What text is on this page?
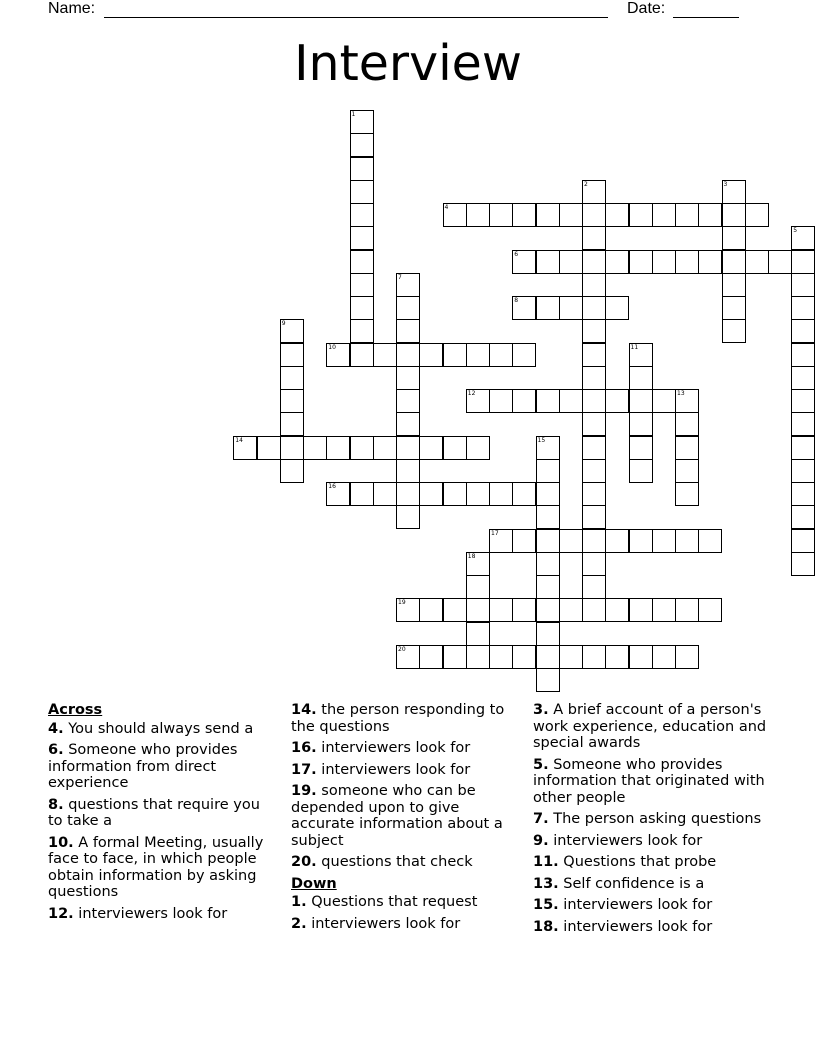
Name:	Date:
Interview
1
2	3
4
5
6
7
8
9
10	11
12	13
14	15
16
17
18
19
20
Across
4. You should always send a
6. Someone who provides information from direct experience
8. questions that require you to take a
10. A formal Meeting, usually face to face, in which people obtain information by asking questions
12. interviewers look for
14. the person responding to the questions
16. interviewers look for
17. interviewers look for
19. someone who can be depended upon to give accurate information about a subject
20. questions that check
Down
1. Questions that request
2. interviewers look for
3. A brief account of a person's work experience, education and special awards
5. Someone who provides information that originated with other people
7. The person asking questions
9. interviewers look for
11. Questions that probe
13. Self confidence is a
15. interviewers look for
18. interviewers look for
